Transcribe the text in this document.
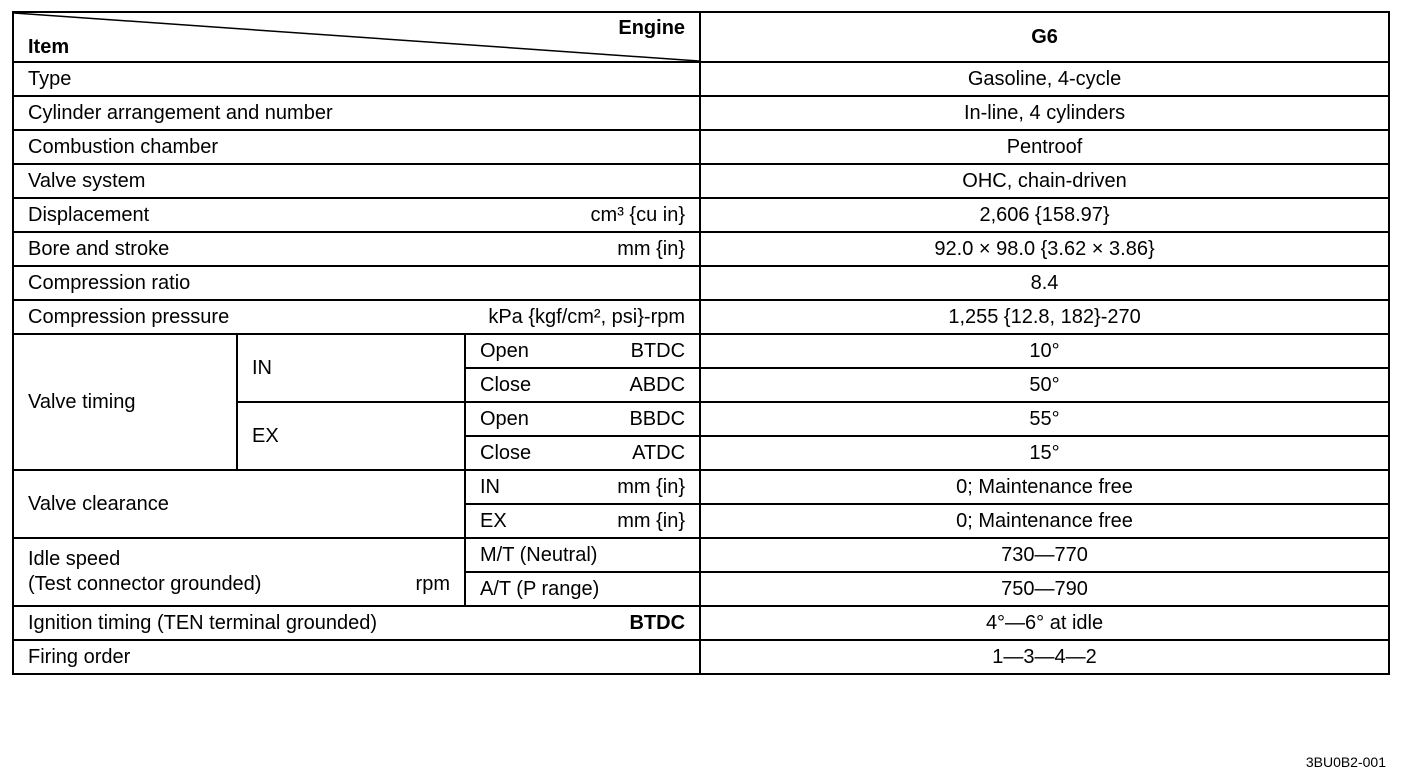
Engine
Item			G6
Type			Gasoline, 4-cycle
Cylinder arrangement and number			In-line, 4 cylinders
Combustion chamber			Pentroof
Valve system			OHC, chain-driven

Displacement cm³ {cu in}			2,606 {158.97}

Bore and stroke mm {in}			92.0 × 98.0 {3.62 × 3.86}
Compression ratio			8.4

Compression pressure kPa {kgf/cm², psi}-rpm			1,255 {12.8, 182}-270
Valve timing	IN	Open BTDC	10°

		Close ABDC	50°
	EX	Open BBDC	55°

		Close ATDC	15°
Valve clearance		IN mm {in}	0; Maintenance free

		EX mm {in}	0; Maintenance free

Idle speed
(Test connector grounded) rpm		M/T (Neutral)	730—770
		A/T (P range)	750—790

Ignition timing (TEN terminal grounded) BTDC			4°—6° at idle
Firing order			1—3—4—2
3BU0B2-001
